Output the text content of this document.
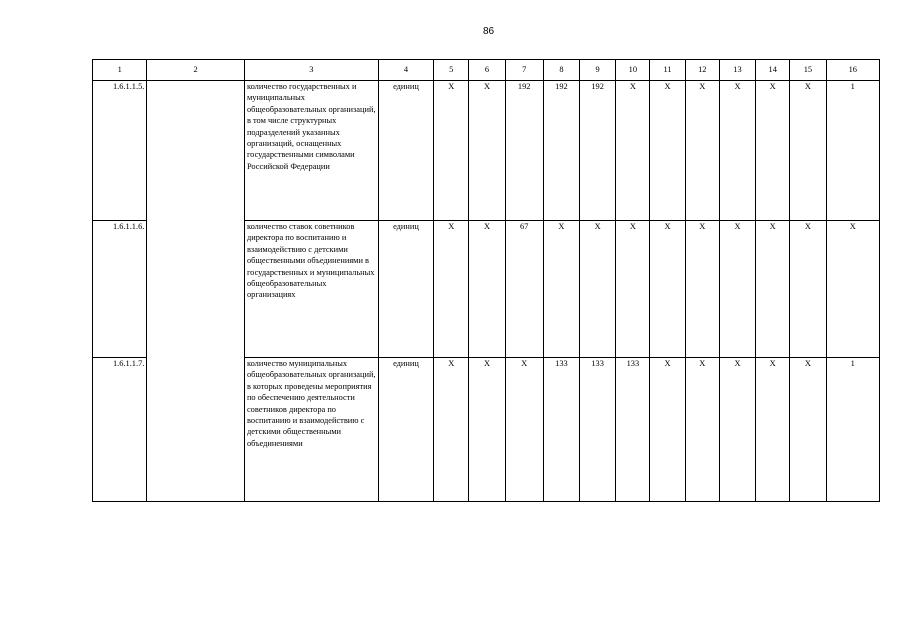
86
1	2	3	4	5	6	7	8	9	10	11	12	13	14	15	16
1.6.1.1.5.		количество государственных и муниципальных общеобразовательных организаций, в том числе структурных подразделений указанных организаций, оснащенных государственными символами Российской Федерации	единиц	Х	Х	192	192	192	Х	Х	Х	Х	Х	Х	1
1.6.1.1.6.		количество ставок советников директора по воспитанию и взаимодействию с детскими общественными объединениями в государственных и муниципальных общеобразовательных организациях	единиц	Х	Х	67	Х	Х	Х	Х	Х	Х	Х	Х	Х
1.6.1.1.7.		количество муниципальных общеобразовательных организаций, в которых проведены мероприятия по обеспечению деятельности советников директора по воспитанию и взаимодействию с детскими общественными объединениями	единиц	Х	Х	Х	133	133	133	Х	Х	Х	Х	Х	1
